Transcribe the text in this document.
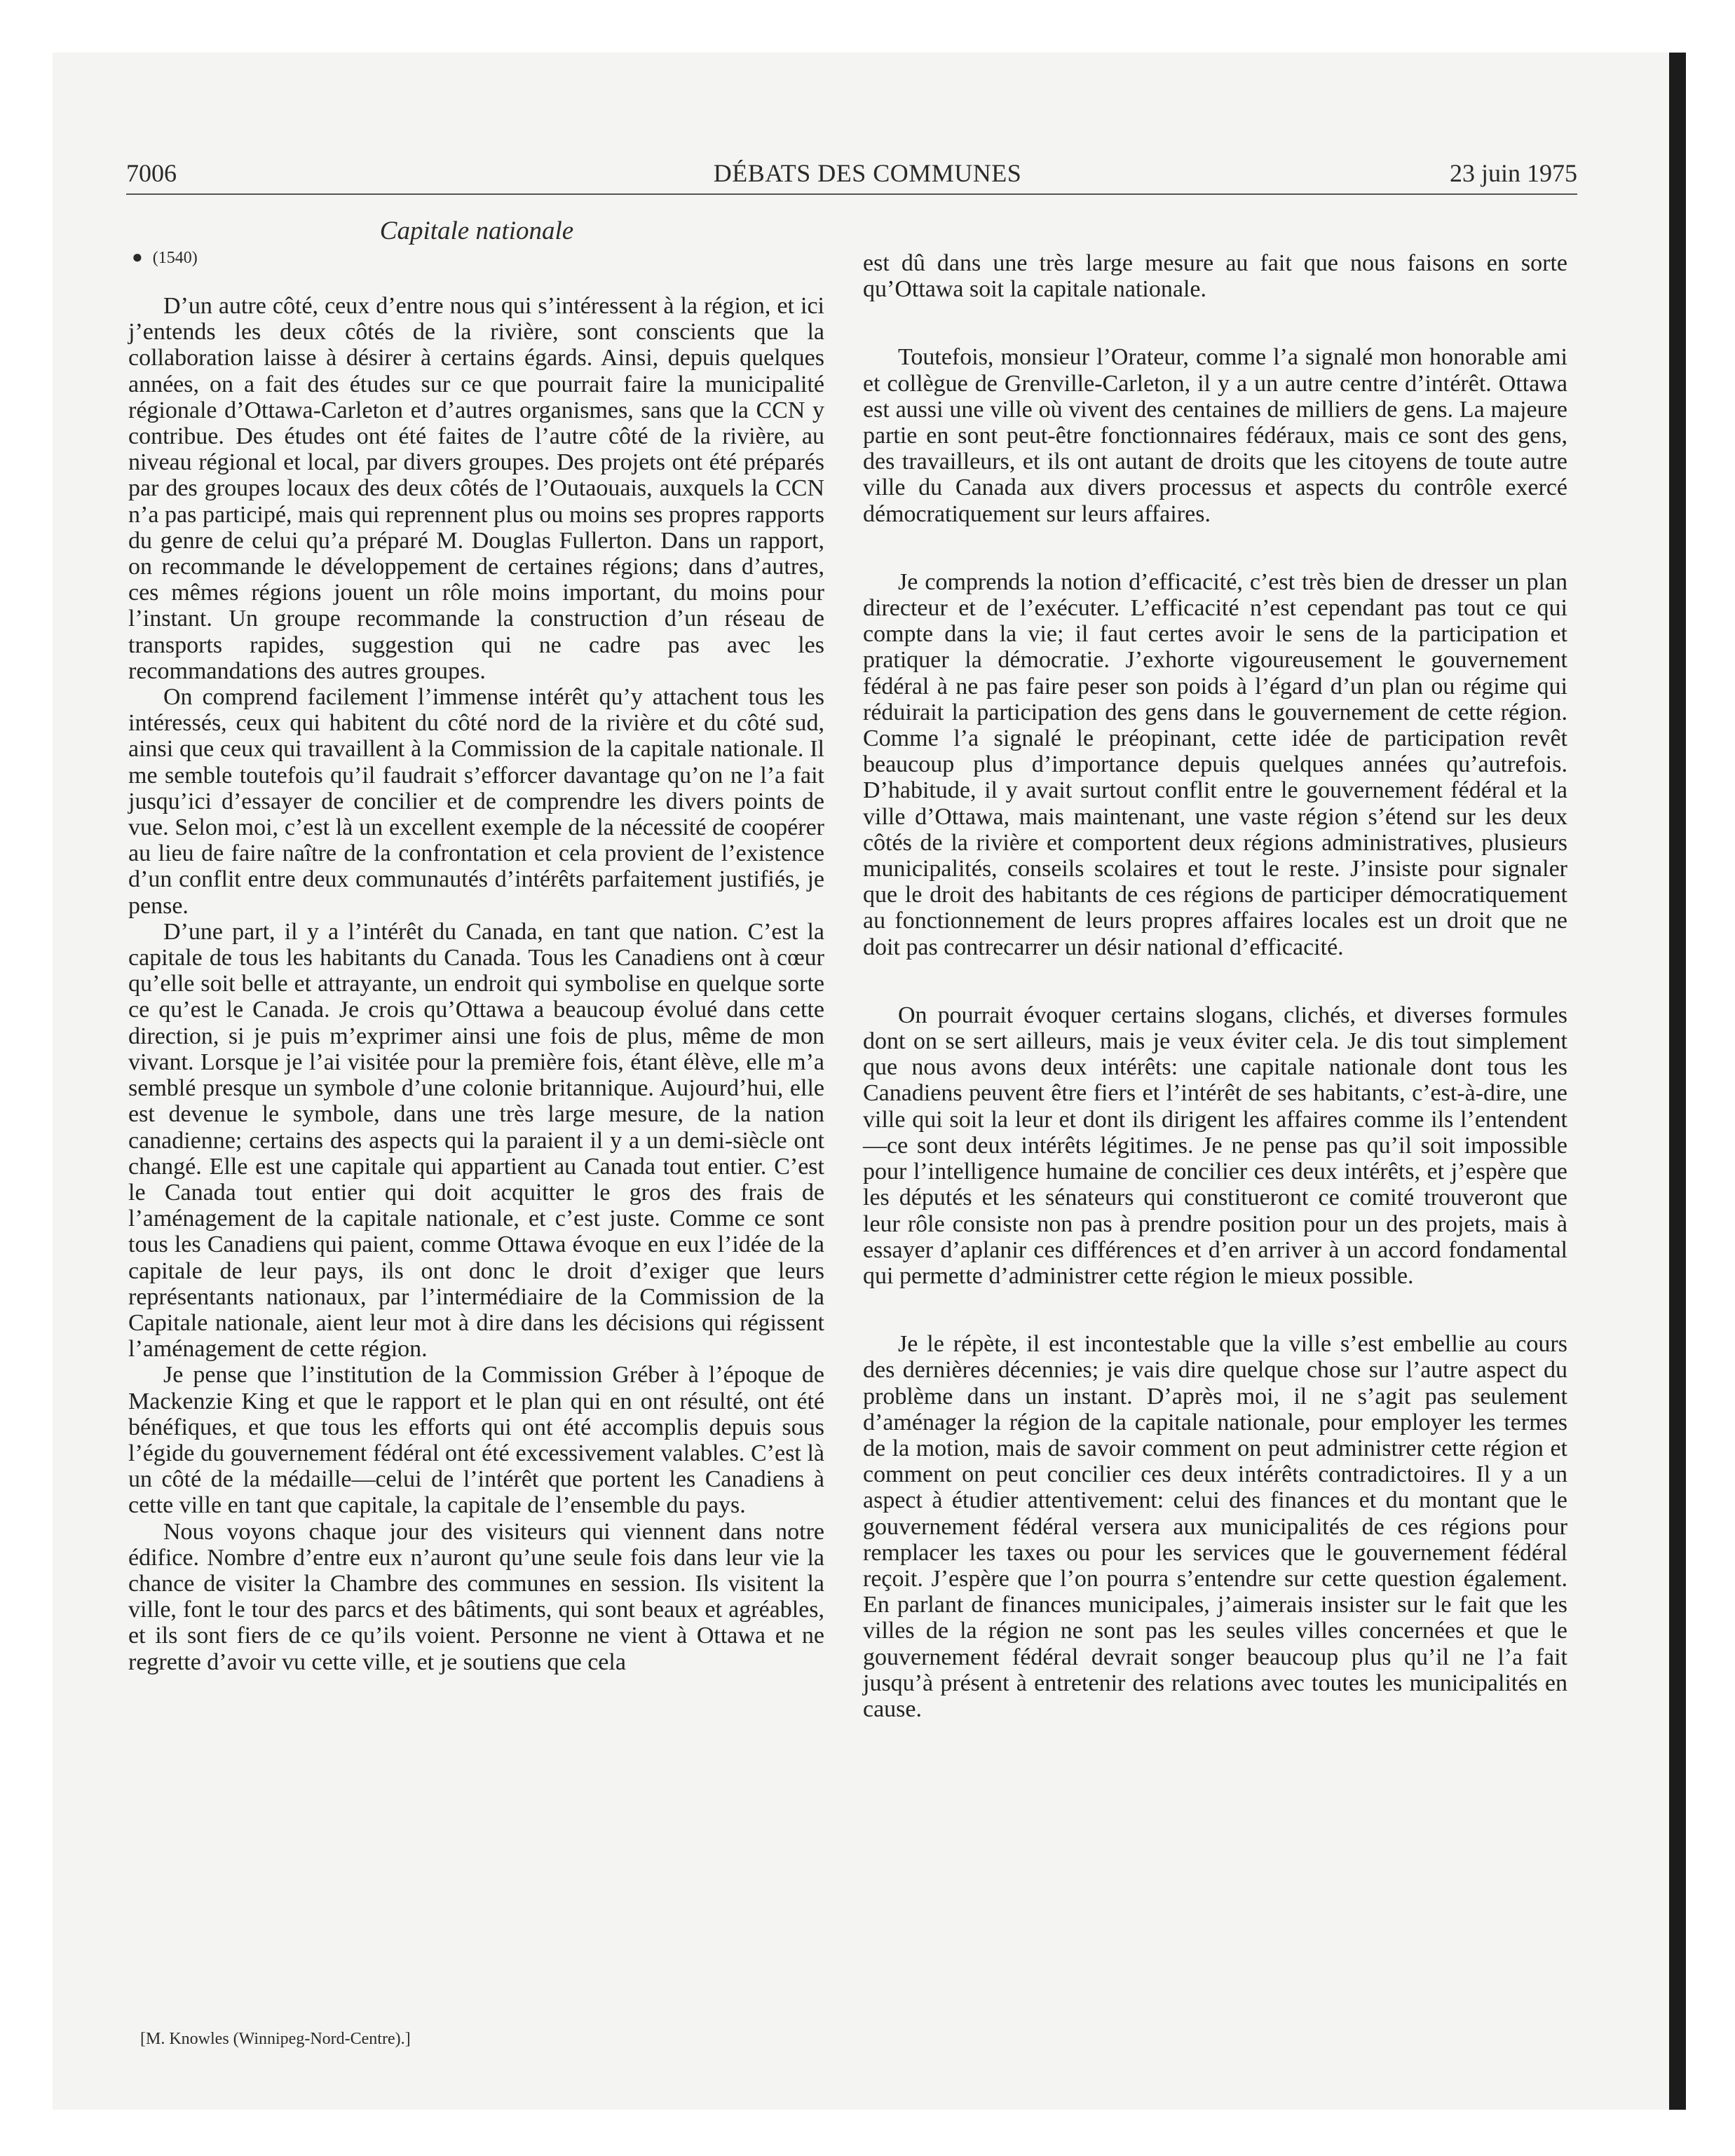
7006	DÉBATS DES COMMUNES	23 juin 1975
Capitale nationale
● (1540)

D’un autre côté, ceux d’entre nous qui s’intéressent à la région, et ici j’entends les deux côtés de la rivière, sont conscients que la collaboration laisse à désirer à certains égards. Ainsi, depuis quelques années, on a fait des études sur ce que pourrait faire la municipalité régionale d’Ottawa-Carleton et d’autres organismes, sans que la CCN y contribue. Des études ont été faites de l’autre côté de la rivière, au niveau régional et local, par divers groupes. Des projets ont été préparés par des groupes locaux des deux côtés de l’Outaouais, auxquels la CCN n’a pas participé, mais qui reprennent plus ou moins ses propres rapports du genre de celui qu’a préparé M. Douglas Fullerton. Dans un rapport, on recommande le développement de certaines régions; dans d’autres, ces mêmes régions jouent un rôle moins important, du moins pour l’instant. Un groupe recommande la construction d’un réseau de transports rapides, suggestion qui ne cadre pas avec les recommandations des autres groupes.

On comprend facilement l’immense intérêt qu’y attachent tous les intéressés, ceux qui habitent du côté nord de la rivière et du côté sud, ainsi que ceux qui travaillent à la Commission de la capitale nationale. Il me semble toutefois qu’il faudrait s’efforcer davantage qu’on ne l’a fait jusqu’ici d’essayer de concilier et de comprendre les divers points de vue. Selon moi, c’est là un excellent exemple de la nécessité de coopérer au lieu de faire naître de la confrontation et cela provient de l’existence d’un conflit entre deux communautés d’intérêts parfaitement justifiés, je pense.

D’une part, il y a l’intérêt du Canada, en tant que nation. C’est la capitale de tous les habitants du Canada. Tous les Canadiens ont à cœur qu’elle soit belle et attrayante, un endroit qui symbolise en quelque sorte ce qu’est le Canada. Je crois qu’Ottawa a beaucoup évolué dans cette direction, si je puis m’exprimer ainsi une fois de plus, même de mon vivant. Lorsque je l’ai visitée pour la première fois, étant élève, elle m’a semblé presque un symbole d’une colonie britannique. Aujourd’hui, elle est devenue le symbole, dans une très large mesure, de la nation canadienne; certains des aspects qui la paraient il y a un demi-siècle ont changé. Elle est une capitale qui appartient au Canada tout entier. C’est le Canada tout entier qui doit acquitter le gros des frais de l’aménagement de la capitale nationale, et c’est juste. Comme ce sont tous les Canadiens qui paient, comme Ottawa évoque en eux l’idée de la capitale de leur pays, ils ont donc le droit d’exiger que leurs représentants nationaux, par l’intermédiaire de la Commission de la Capitale nationale, aient leur mot à dire dans les décisions qui régissent l’aménagement de cette région.

Je pense que l’institution de la Commission Gréber à l’époque de Mackenzie King et que le rapport et le plan qui en ont résulté, ont été bénéfiques, et que tous les efforts qui ont été accomplis depuis sous l’égide du gouvernement fédéral ont été excessivement valables. C’est là un côté de la médaille—celui de l’intérêt que portent les Canadiens à cette ville en tant que capitale, la capitale de l’ensemble du pays.

Nous voyons chaque jour des visiteurs qui viennent dans notre édifice. Nombre d’entre eux n’auront qu’une seule fois dans leur vie la chance de visiter la Chambre des communes en session. Ils visitent la ville, font le tour des parcs et des bâtiments, qui sont beaux et agréables, et ils sont fiers de ce qu’ils voient. Personne ne vient à Ottawa et ne regrette d’avoir vu cette ville, et je soutiens que cela

est dû dans une très large mesure au fait que nous faisons en sorte qu’Ottawa soit la capitale nationale.

Toutefois, monsieur l’Orateur, comme l’a signalé mon honorable ami et collègue de Grenville-Carleton, il y a un autre centre d’intérêt. Ottawa est aussi une ville où vivent des centaines de milliers de gens. La majeure partie en sont peut-être fonctionnaires fédéraux, mais ce sont des gens, des travailleurs, et ils ont autant de droits que les citoyens de toute autre ville du Canada aux divers processus et aspects du contrôle exercé démocratiquement sur leurs affaires.

Je comprends la notion d’efficacité, c’est très bien de dresser un plan directeur et de l’exécuter. L’efficacité n’est cependant pas tout ce qui compte dans la vie; il faut certes avoir le sens de la participation et pratiquer la démocratie. J’exhorte vigoureusement le gouvernement fédéral à ne pas faire peser son poids à l’égard d’un plan ou régime qui réduirait la participation des gens dans le gouvernement de cette région. Comme l’a signalé le préopinant, cette idée de participation revêt beaucoup plus d’importance depuis quelques années qu’autrefois. D’habitude, il y avait surtout conflit entre le gouvernement fédéral et la ville d’Ottawa, mais maintenant, une vaste région s’étend sur les deux côtés de la rivière et comportent deux régions administratives, plusieurs municipalités, conseils scolaires et tout le reste. J’insiste pour signaler que le droit des habitants de ces régions de participer démocratiquement au fonctionnement de leurs propres affaires locales est un droit que ne doit pas contrecarrer un désir national d’efficacité.

On pourrait évoquer certains slogans, clichés, et diverses formules dont on se sert ailleurs, mais je veux éviter cela. Je dis tout simplement que nous avons deux intérêts: une capitale nationale dont tous les Canadiens peuvent être fiers et l’intérêt de ses habitants, c’est-à-dire, une ville qui soit la leur et dont ils dirigent les affaires comme ils l’entendent—ce sont deux intérêts légitimes. Je ne pense pas qu’il soit impossible pour l’intelligence humaine de concilier ces deux intérêts, et j’espère que les députés et les sénateurs qui constitueront ce comité trouveront que leur rôle consiste non pas à prendre position pour un des projets, mais à essayer d’aplanir ces différences et d’en arriver à un accord fondamental qui permette d’administrer cette région le mieux possible.

Je le répète, il est incontestable que la ville s’est embellie au cours des dernières décennies; je vais dire quelque chose sur l’autre aspect du problème dans un instant. D’après moi, il ne s’agit pas seulement d’aménager la région de la capitale nationale, pour employer les termes de la motion, mais de savoir comment on peut administrer cette région et comment on peut concilier ces deux intérêts contradictoires. Il y a un aspect à étudier attentivement: celui des finances et du montant que le gouvernement fédéral versera aux municipalités de ces régions pour remplacer les taxes ou pour les services que le gouvernement fédéral reçoit. J’espère que l’on pourra s’entendre sur cette question également. En parlant de finances municipales, j’aimerais insister sur le fait que les villes de la région ne sont pas les seules villes concernées et que le gouvernement fédéral devrait songer beaucoup plus qu’il ne l’a fait jusqu’à présent à entretenir des relations avec toutes les municipalités en cause.

[M. Knowles (Winnipeg-Nord-Centre).]
